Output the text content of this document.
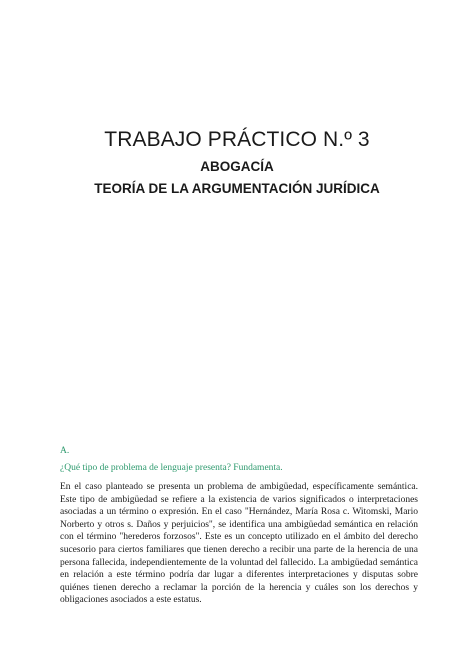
TRABAJO PRÁCTICO N.º 3
ABOGACÍA
TEORÍA DE LA ARGUMENTACIÓN JURÍDICA

A.

¿Qué tipo de problema de lenguaje presenta? Fundamenta.

En el caso planteado se presenta un problema de ambigüedad, específicamente semántica. Este tipo de ambigüedad se refiere a la existencia de varios significados o interpretaciones asociadas a un término o expresión. En el caso "Hernández, María Rosa c. Witomski, Mario Norberto y otros s. Daños y perjuicios", se identifica una ambigüedad semántica en relación con el término "herederos forzosos". Este es un concepto utilizado en el ámbito del derecho sucesorio para ciertos familiares que tienen derecho a recibir una parte de la herencia de una persona fallecida, independientemente de la voluntad del fallecido. La ambigüedad semántica en relación a este término podría dar lugar a diferentes interpretaciones y disputas sobre quiénes tienen derecho a reclamar la porción de la herencia y cuáles son los derechos y obligaciones asociados a este estatus.
